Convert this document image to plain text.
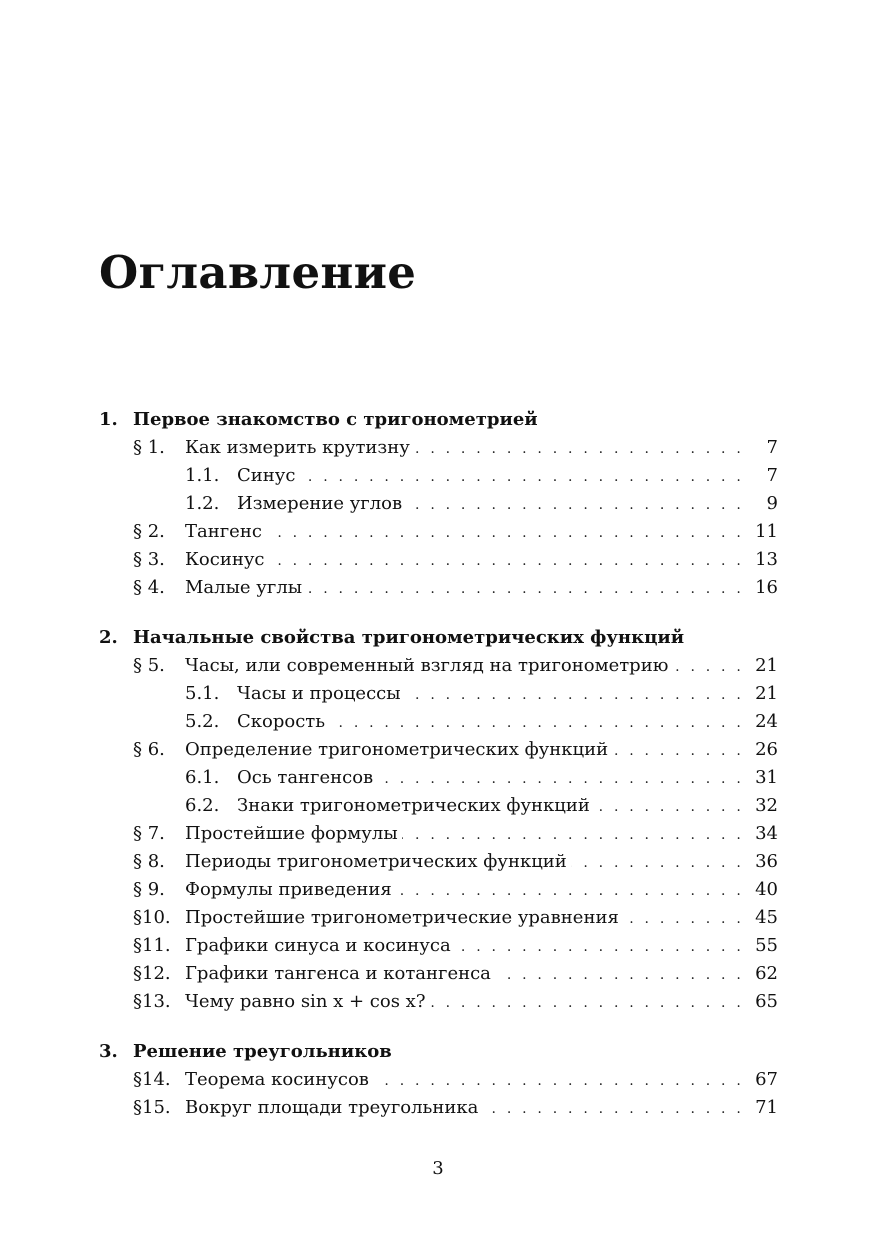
Оглавление
1. Первое знакомство с тригонометрией
§ 1.	Как измерить крутизну . . .	7
1.1. Синус . . .	7
1.2. Измерение углов . . .	9
§ 2.	Тангенс . . .	11
§ 3.	Косинус . . .	13
§ 4.	Малые углы . . .	16
2. Начальные свойства тригонометрических функций
§ 5.	Часы, или современный взгляд на тригонометрию . . .	21
5.1. Часы и процессы . . .	21
5.2. Скорость . . .	24
§ 6.	Определение тригонометрических функций . . .	26
6.1. Ось тангенсов . . .	31
6.2. Знаки тригонометрических функций . . .	32
§ 7.	Простейшие формулы . . .	34
§ 8.	Периоды тригонометрических функций . . .	36
§ 9.	Формулы приведения . . .	40
§10. Простейшие тригонометрические уравнения . . .	45
§11. Графики синуса и косинуса . . .	55
§12. Графики тангенса и котангенса . . .	62
§13. Чему равно sin x + cos x? . . .	65
3. Решение треугольников
§14. Теорема косинусов . . .	67
§15. Вокруг площади треугольника . . .	71
3
